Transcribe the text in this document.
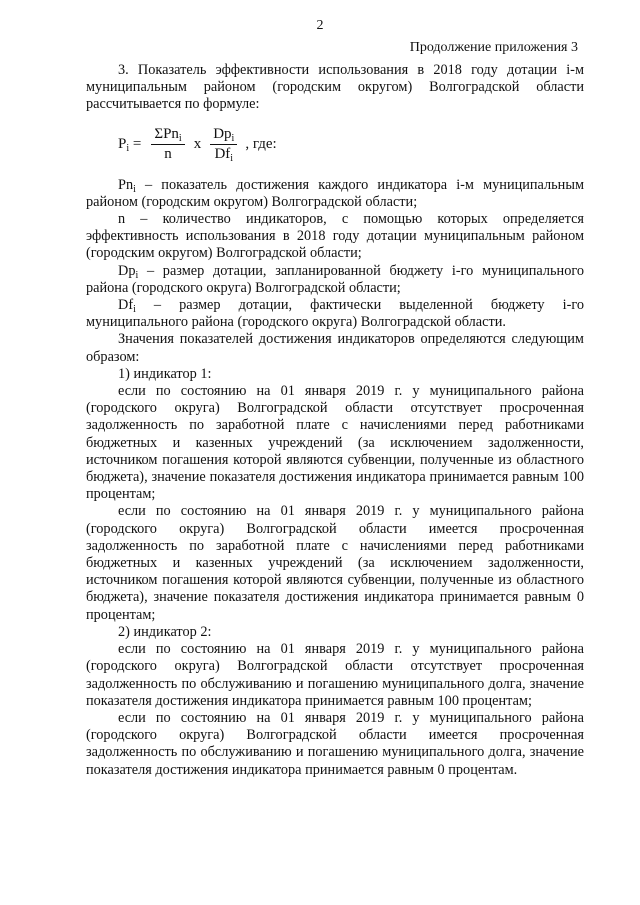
2
Продолжение приложения 3

3. Показатель эффективности использования в 2018 году дотации i-м муниципальным районом (городским округом) Волгоградской области рассчитывается по формуле:

$P_i = \frac{\Sigma Pn_i}{n}$ x $\frac{Dp_i}{Df_i}$ , где:

$Pn_i$ – показатель достижения каждого индикатора i-м муниципальным районом (городским округом) Волгоградской области;

n – количество индикаторов, с помощью которых определяется эффективность использования в 2018 году дотации муниципальным районом (городским округом) Волгоградской области;

$Dp_i$ – размер дотации, запланированной бюджету i-го муниципального района (городского округа) Волгоградской области;

$Df_i$ – размер дотации, фактически выделенной бюджету i-го муниципального района (городского округа) Волгоградской области.

Значения показателей достижения индикаторов определяются следующим образом:

1) индикатор 1:

если по состоянию на 01 января 2019 г. у муниципального района (городского округа) Волгоградской области отсутствует просроченная задолженность по заработной плате с начислениями перед работниками бюджетных и казенных учреждений (за исключением задолженности, источником погашения которой являются субвенции, полученные из областного бюджета), значение показателя достижения индикатора принимается равным 100 процентам;

если по состоянию на 01 января 2019 г. у муниципального района (городского округа) Волгоградской области имеется просроченная задолженность по заработной плате с начислениями перед работниками бюджетных и казенных учреждений (за исключением задолженности, источником погашения которой являются субвенции, полученные из областного бюджета), значение показателя достижения индикатора принимается равным 0 процентам;

2) индикатор 2:

если по состоянию на 01 января 2019 г. у муниципального района (городского округа) Волгоградской области отсутствует просроченная задолженность по обслуживанию и погашению муниципального долга, значение показателя достижения индикатора принимается равным 100 процентам;

если по состоянию на 01 января 2019 г. у муниципального района (городского округа) Волгоградской области имеется просроченная задолженность по обслуживанию и погашению муниципального долга, значение показателя достижения индикатора принимается равным 0 процентам.
